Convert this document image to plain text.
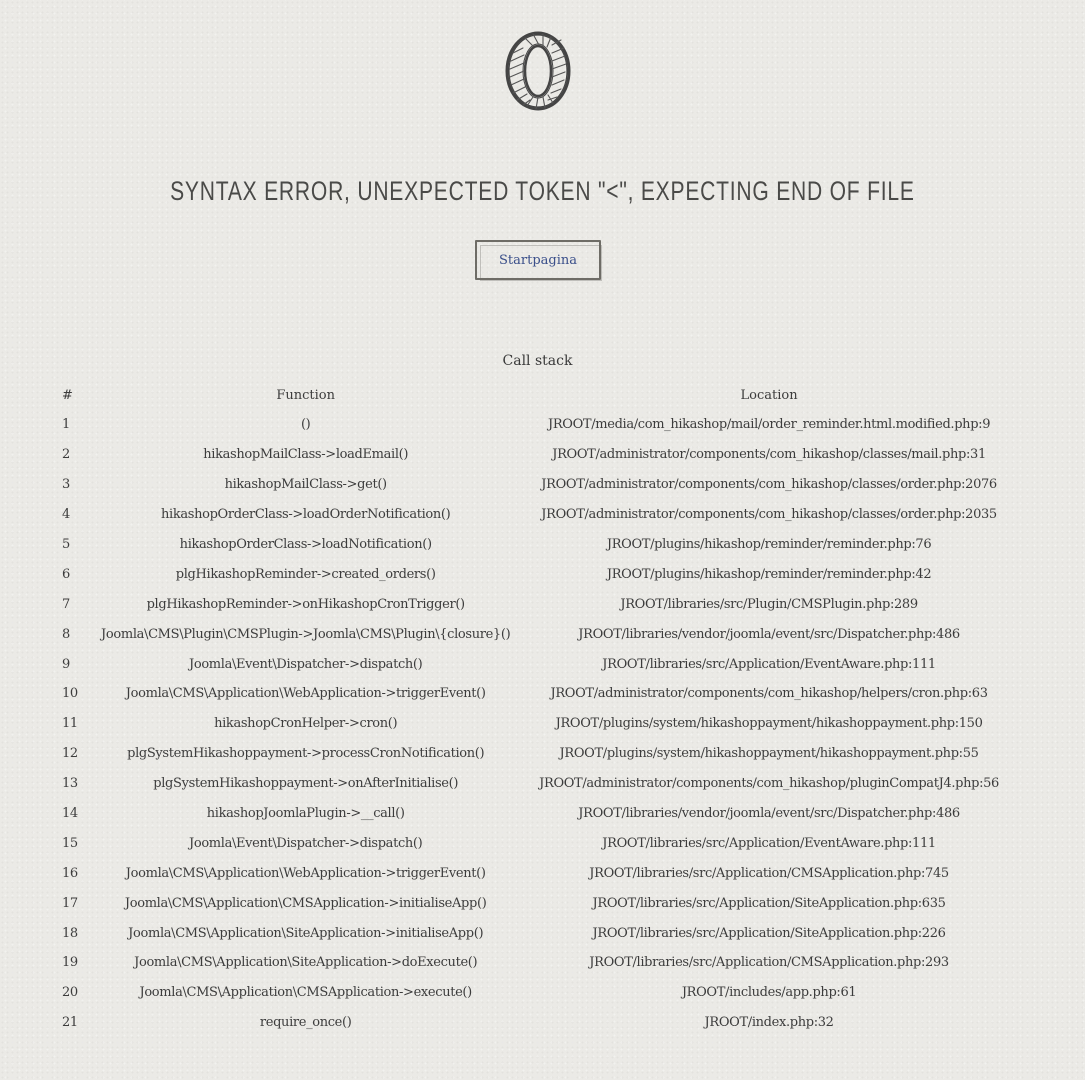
SYNTAX ERROR, UNEXPECTED TOKEN "<", EXPECTING END OF FILE
Startpagina
Call stack
#	Function	Location
1	()	JROOT/media/com_hikashop/mail/order_reminder.html.modified.php:9
2	hikashopMailClass->loadEmail()	JROOT/administrator/components/com_hikashop/classes/mail.php:31
3	hikashopMailClass->get()	JROOT/administrator/components/com_hikashop/classes/order.php:2076
4	hikashopOrderClass->loadOrderNotification()	JROOT/administrator/components/com_hikashop/classes/order.php:2035
5	hikashopOrderClass->loadNotification()	JROOT/plugins/hikashop/reminder/reminder.php:76
6	plgHikashopReminder->created_orders()	JROOT/plugins/hikashop/reminder/reminder.php:42
7	plgHikashopReminder->onHikashopCronTrigger()	JROOT/libraries/src/Plugin/CMSPlugin.php:289
8	Joomla\CMS\Plugin\CMSPlugin->Joomla\CMS\Plugin\{closure}()	JROOT/libraries/vendor/joomla/event/src/Dispatcher.php:486
9	Joomla\Event\Dispatcher->dispatch()	JROOT/libraries/src/Application/EventAware.php:111
10	Joomla\CMS\Application\WebApplication->triggerEvent()	JROOT/administrator/components/com_hikashop/helpers/cron.php:63
11	hikashopCronHelper->cron()	JROOT/plugins/system/hikashoppayment/hikashoppayment.php:150
12	plgSystemHikashoppayment->processCronNotification()	JROOT/plugins/system/hikashoppayment/hikashoppayment.php:55
13	plgSystemHikashoppayment->onAfterInitialise()	JROOT/administrator/components/com_hikashop/pluginCompatJ4.php:56
14	hikashopJoomlaPlugin->__call()	JROOT/libraries/vendor/joomla/event/src/Dispatcher.php:486
15	Joomla\Event\Dispatcher->dispatch()	JROOT/libraries/src/Application/EventAware.php:111
16	Joomla\CMS\Application\WebApplication->triggerEvent()	JROOT/libraries/src/Application/CMSApplication.php:745
17	Joomla\CMS\Application\CMSApplication->initialiseApp()	JROOT/libraries/src/Application/SiteApplication.php:635
18	Joomla\CMS\Application\SiteApplication->initialiseApp()	JROOT/libraries/src/Application/SiteApplication.php:226
19	Joomla\CMS\Application\SiteApplication->doExecute()	JROOT/libraries/src/Application/CMSApplication.php:293
20	Joomla\CMS\Application\CMSApplication->execute()	JROOT/includes/app.php:61
21	require_once()	JROOT/index.php:32
